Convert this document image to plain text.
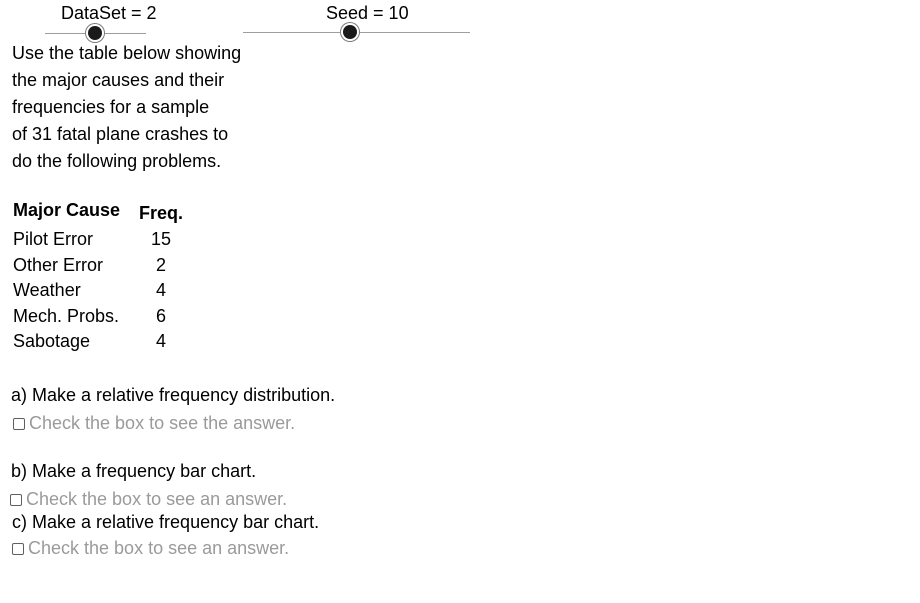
DataSet = 2	Seed = 10

Use the table below showing
the major causes and their
frequencies for a sample
of 31 fatal plane crashes to
do the following problems.

Major Cause	Freq.
Pilot Error	15
Other Error	2
Weather	4
Mech. Probs.	6
Sabotage	4
a) Make a relative frequency distribution.
Check the box to see the answer.
b) Make a frequency bar chart.
Check the box to see an answer.
c) Make a relative frequency bar chart.
Check the box to see an answer.
